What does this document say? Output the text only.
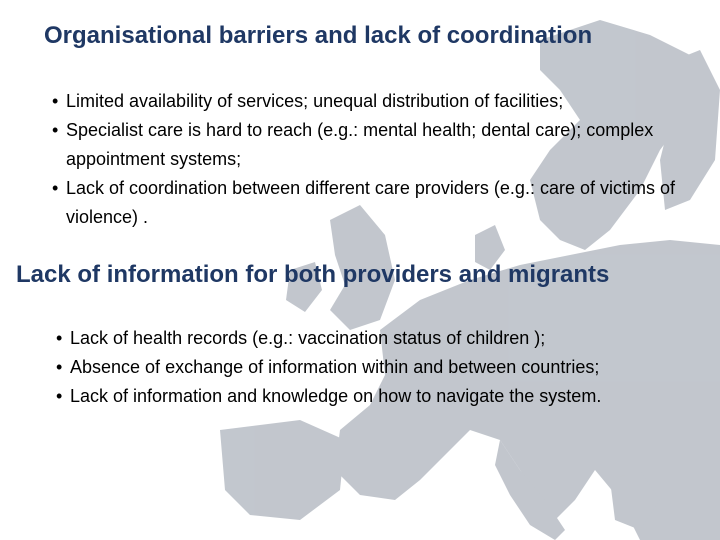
Organisational barriers and lack of coordination
• Limited availability of services; unequal distribution of facilities;
• Specialist care is hard to reach (e.g.: mental health; dental care); complex appointment systems;
• Lack of coordination between different care providers (e.g.: care of victims of violence) .
Lack of information for both providers and migrants
• Lack of health records (e.g.: vaccination status of children );
• Absence of exchange of information within and between countries;
• Lack of information and knowledge on how to navigate the system.
